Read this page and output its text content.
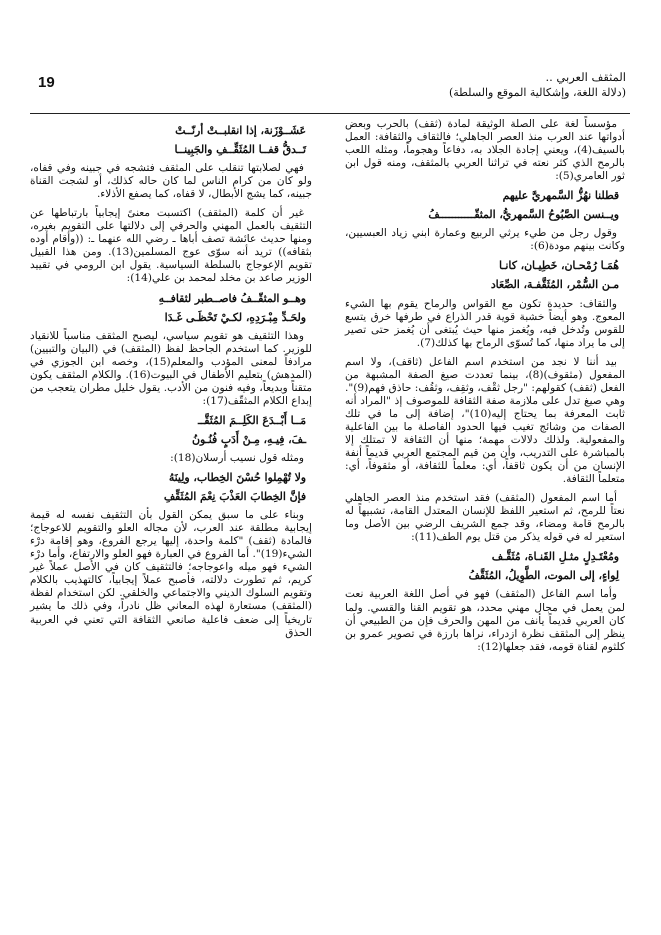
19	المثقف العربي ..
(دلالة اللغة، وإشكالية الموقع والسلطة)

مؤسساً لغة على الصلة الوثيقة لمادة (ثقف) بالحرب وبعض أدواتها عند العرب منذ العصر الجاهلي؛ فالثقاف والثقافة: العمل بالسيف(4)، ويعني إجادة الجلاد به، دفاعاً وهجوماً، ومثله اللعب بالرمح الذي كثر نعته في تراثنا العربي بالمثقف، ومنه قول ابن ثور العامري(5):

قطلنا نهُزُّ السَّمهريَّ عليهم

ويــنسن الصَّبُوحُ السَّمهريُّ، المثقّـــــــــــفُ

وقول رجل من طيء يرثي الربيع وعمارة ابني زياد العبسيين، وكانت بينهم مودة(6):

هُمَـا رُمْحـان، خَطِيـان، كانـا

مـن السُّمْر، المُثَقَّفـة، الصِّعَاد

والثقاف: حديدة تكون مع القواس والرماح يقوم بها الشيء المعوج. وهو أيضاً خشبة قوية قدر الذراع في طرفها خرق يتسع للقوس وتُدخل فيه، ويُغمز منها حيث يُبتغى أن يُغمز حتى تصير إلى ما يراد منها، كما تُسوّى الرماح بها كذلك(7).

بيد أننا لا نجد من استخدم اسم الفاعل (ثاقف)، ولا اسم المفعول (مثقوف)(8)، بينما تعددت صيغ الصفة المشبهة من الفعل (ثقف) كقولهم: "رجل ثقْف، وثقِف، وثقُف: حاذق فهم(9)". وهي صيغ تدل على ملازمة صفة الثقافة للموصوف إذ "المراد أنه ثابت المعرفة بما يحتاج إليه(10)"، إضافة إلى ما في تلك الصفات من وشائج تغيب فيها الحدود الفاصلة ما بين الفاعلية والمفعولية. ولذلك دلالات مهمة؛ منها أن الثقافة لا تمتلك إلا بالمباشرة على التدريب، وأن من قيم المجتمع العربي قديماً أنفة الإنسان من أن يكون ثاقفاً، أي: معلماً للثقافة، أو مثقوفاً، أي: متعلماً الثقافة.

أما اسم المفعول (المثقف) فقد استخدم منذ العصر الجاهلي نعتاً للرمح، ثم استعير اللفظ للإنسان المعتدل القامة، تشبيهاً له بالرمح قامة ومضاء، وقد جمع الشريف الرضي بين الأصل وما استعير له في قوله يذكر من قتل يوم الطف(11):

ومُعْتَـدِلٍ مثـلِ القَنـاة، مُثَقَّـف

لِواءٍ، إلى الموت، الطَّوِيلُ، المُثَقَّفُ

وأما اسم الفاعل (المثقف) فهو في أصل اللغة العربية نعت لمن يعمل في مجال مهني محدد، هو تقويم القنا والقسي. ولما كان العربي قديماً يأنف من المهن والحرف فإن من الطبيعي أن ينظر إلى المثقف نظرة ازدراء، نراها بارزة في تصوير عمرو بن كلثوم لقناة قومه، فقد جعلها(12):

عَشَــوْزَنة، إذا انقلبــتْ أرنّــتْ

تَــدقُّ قفــا المُثَقِّــفِ والجَبِينــا

فهي لصلابتها تنقلب على المثقف فتشجه في جبينه وفي قفاه، ولو كان من كرام الناس لما كان حاله كذلك، أو لشجت القناة جبينه، كما يشج الأبطال، لا قفاه، كما يصفع الأذلاء.

غير أن كلمة (المثقف) اكتسبت معنىً إيجابياً بارتباطها عن التثقيف بالعمل المهني والحرفي إلى دلالتها على التقويم بغيره، ومنها حديث عائشة تصف أباها ـ رضي الله عنهما ـ: ((وأقام أوده بثقافه)) تريد أنه سوّى عوج المسلمين(13). ومن هذا القبيل تقويم الإعوجاج بالسلطة السياسية. يقول ابن الرومي في تقييد الوزير صاعد بن مخلد لمحمد بن علي(14):

وهــو المثقّــفُ فاصــطبر لثقافــهِ

ولحَـدِّ مِبْـرَدِهِ، لكـيْ تَحْظَـى غَـدَا

وهذا التثقيف هو تقويم سياسي، ليصبح المثقف مناسباً للانقياد للوزير. كما استخدم الجاحظ لفظ (المثقف) في (البيان والتبيين) مرادفاً لمعنى المؤدب والمعلم(15)، وخصه ابن الجوزي في (المدهش) بتعليم الأطفال في البيوت(16). والكلام المثقف يكون متقناً وبديعاً، وفيه فنون من الأدب. يقول خليل مطران يتعجب من إبداع الكلام المثقّف(17):

مَــا أَبْــدَعَ الكَلِــمَ المُثَقَّــ

ـفَ، فِيـهِ، مِـنْ أَدَبٍ فُنُـونُ

ومثله قول نسيب أرسلان(18):

ولا تُهْمِلوا حُسْنَ الخِطاب، ولِينَهُ

فإنَّ الخِطابَ العَذْبَ نِعْمَ المُثَقِّفِ

وبناء على ما سبق يمكن القول بأن التثقيف نفسه له قيمة إيجابية مطلقة عند العرب، لأن مجاله العلو والتقويم للاعوجاج؛ فالمادة (ثقف) "كلمة واحدة، إليها يرجع الفروع، وهو إقامة درْء الشيء(19)". أما الفروع في العبارة فهو العلو والارتفاع، وأما درْء الشيء فهو ميله واعوجاجه؛ فالتثقيف كان في الأصل عملاً غير كريم، ثم تطورت دلالته، فأصبح عملاً إيجابياً، كالتهذيب بالكلام وتقويم السلوك الديني والاجتماعي والخلقي. لكن استخدام لفظة (المثقف) مستعارة لهذه المعاني ظل نادراً، وفي ذلك ما يشير تاريخياً إلى ضعف فاعلية صانعي الثقافة التي تعني في العربية الحذق
